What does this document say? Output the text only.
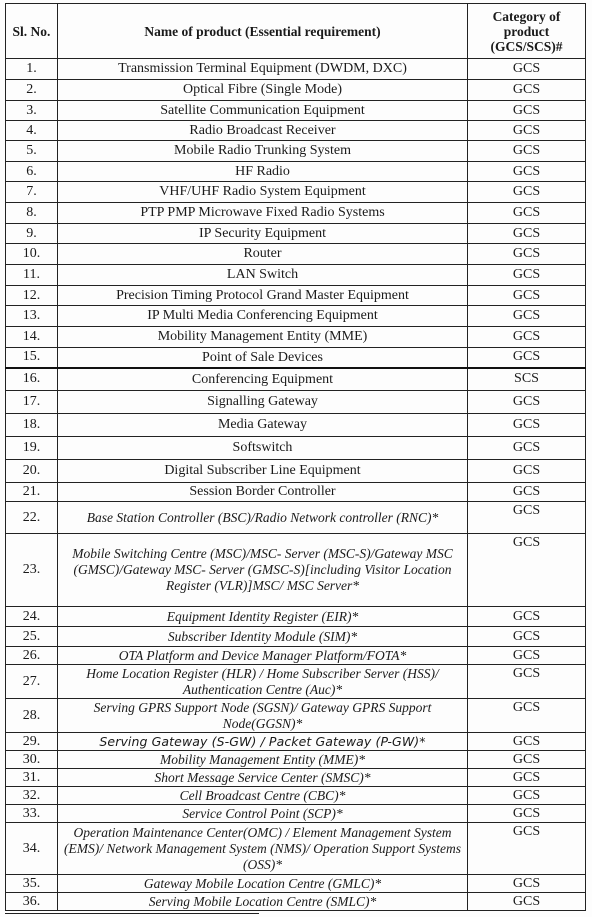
Sl. No.	Name of product (Essential requirement)	Category of product (GCS/SCS)#
1.	Transmission Terminal Equipment (DWDM, DXC)	GCS
2.	Optical Fibre (Single Mode)	GCS
3.	Satellite Communication Equipment	GCS
4.	Radio Broadcast Receiver	GCS
5.	Mobile Radio Trunking System	GCS
6.	HF Radio	GCS
7.	VHF/UHF Radio System Equipment	GCS
8.	PTP PMP Microwave Fixed Radio Systems	GCS
9.	IP Security Equipment	GCS
10.	Router	GCS
11.	LAN Switch	GCS
12.	Precision Timing Protocol Grand Master Equipment	GCS
13.	IP Multi Media Conferencing Equipment	GCS
14.	Mobility Management Entity (MME)	GCS
15.	Point of Sale Devices	GCS
16.	Conferencing Equipment	SCS
17.	Signalling Gateway	GCS
18.	Media Gateway	GCS
19.	Softswitch	GCS
20.	Digital Subscriber Line Equipment	GCS
21.	Session Border Controller	GCS
22.	Base Station Controller (BSC)/Radio Network controller (RNC)*	GCS
23.	Mobile Switching Centre (MSC)/MSC- Server (MSC-S)/Gateway MSC (GMSC)/Gateway MSC- Server (GMSC-S)[including Visitor Location Register (VLR)]MSC/ MSC Server*	GCS
24.	Equipment Identity Register (EIR)*	GCS
25.	Subscriber Identity Module (SIM)*	GCS
26.	OTA Platform and Device Manager Platform/FOTA*	GCS
27.	Home Location Register (HLR) / Home Subscriber Server (HSS)/ Authentication Centre (Auc)*	GCS
28.	Serving GPRS Support Node (SGSN)/ Gateway GPRS Support Node(GGSN)*	GCS
29.	Serving Gateway (S-GW) / Packet Gateway (P-GW)*	GCS
30.	Mobility Management Entity (MME)*	GCS
31.	Short Message Service Center (SMSC)*	GCS
32.	Cell Broadcast Centre (CBC)*	GCS
33.	Service Control Point (SCP)*	GCS
34.	Operation Maintenance Center(OMC) / Element Management System (EMS)/ Network Management System (NMS)/ Operation Support Systems (OSS)*	GCS
35.	Gateway Mobile Location Centre (GMLC)*	GCS
36.	Serving Mobile Location Centre (SMLC)*	GCS
